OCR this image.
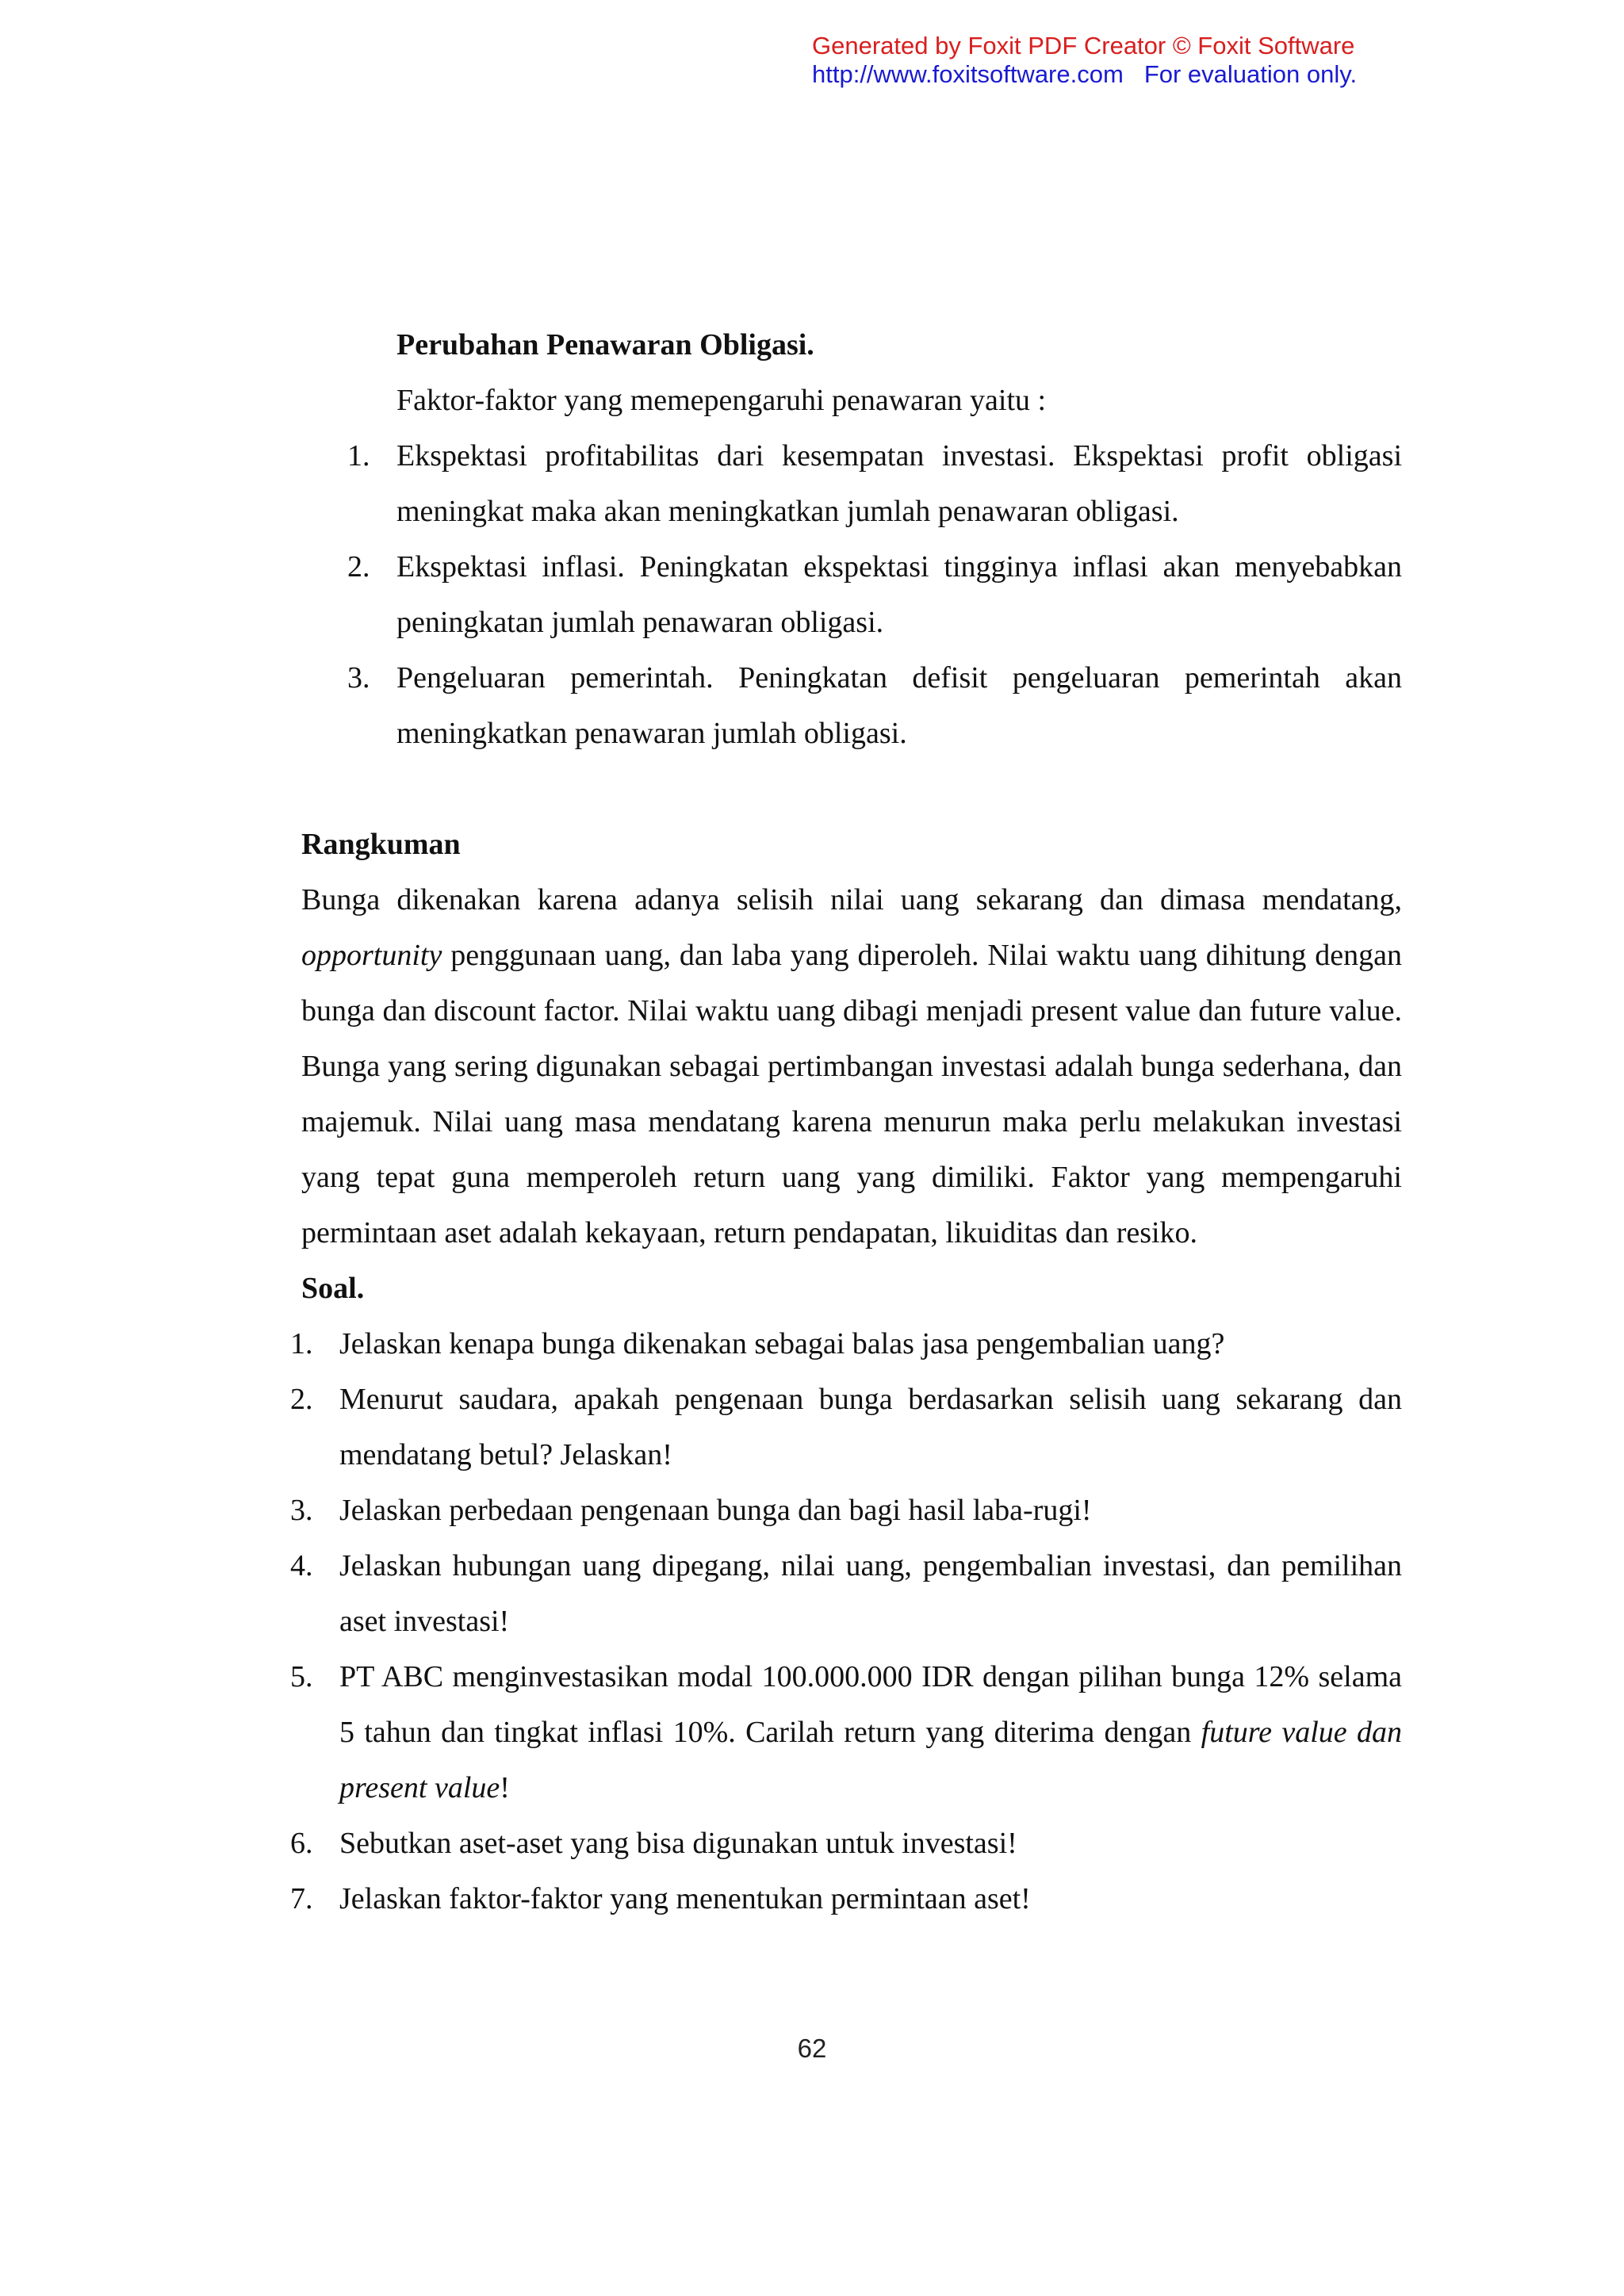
Generated by Foxit PDF Creator © Foxit Software
http://www.foxitsoftware.com For evaluation only.
Perubahan Penawaran Obligasi.
Faktor-faktor yang memepengaruhi penawaran yaitu :
1. Ekspektasi profitabilitas dari kesempatan investasi. Ekspektasi profit obligasi meningkat maka akan meningkatkan jumlah penawaran obligasi.
2. Ekspektasi inflasi. Peningkatan ekspektasi tingginya inflasi akan menyebabkan peningkatan jumlah penawaran obligasi.
3. Pengeluaran pemerintah. Peningkatan defisit pengeluaran pemerintah akan meningkatkan penawaran jumlah obligasi.
Rangkuman
Bunga dikenakan karena adanya selisih nilai uang sekarang dan dimasa mendatang, opportunity penggunaan uang, dan laba yang diperoleh. Nilai waktu uang dihitung dengan bunga dan discount factor. Nilai waktu uang dibagi menjadi present value dan future value. Bunga yang sering digunakan sebagai pertimbangan investasi adalah bunga sederhana, dan majemuk. Nilai uang masa mendatang karena menurun maka perlu melakukan investasi yang tepat guna memperoleh return uang yang dimiliki. Faktor yang mempengaruhi permintaan aset adalah kekayaan, return pendapatan, likuiditas dan resiko.
Soal.
1. Jelaskan kenapa bunga dikenakan sebagai balas jasa pengembalian uang?
2. Menurut saudara, apakah pengenaan bunga berdasarkan selisih uang sekarang dan mendatang betul? Jelaskan!
3. Jelaskan perbedaan pengenaan bunga dan bagi hasil laba-rugi!
4. Jelaskan hubungan uang dipegang, nilai uang, pengembalian investasi, dan pemilihan aset investasi!
5. PT ABC menginvestasikan modal 100.000.000 IDR dengan pilihan bunga 12% selama 5 tahun dan tingkat inflasi 10%. Carilah return yang diterima dengan future value dan present value!
6. Sebutkan aset-aset yang bisa digunakan untuk investasi!
7. Jelaskan faktor-faktor yang menentukan permintaan aset!
62
